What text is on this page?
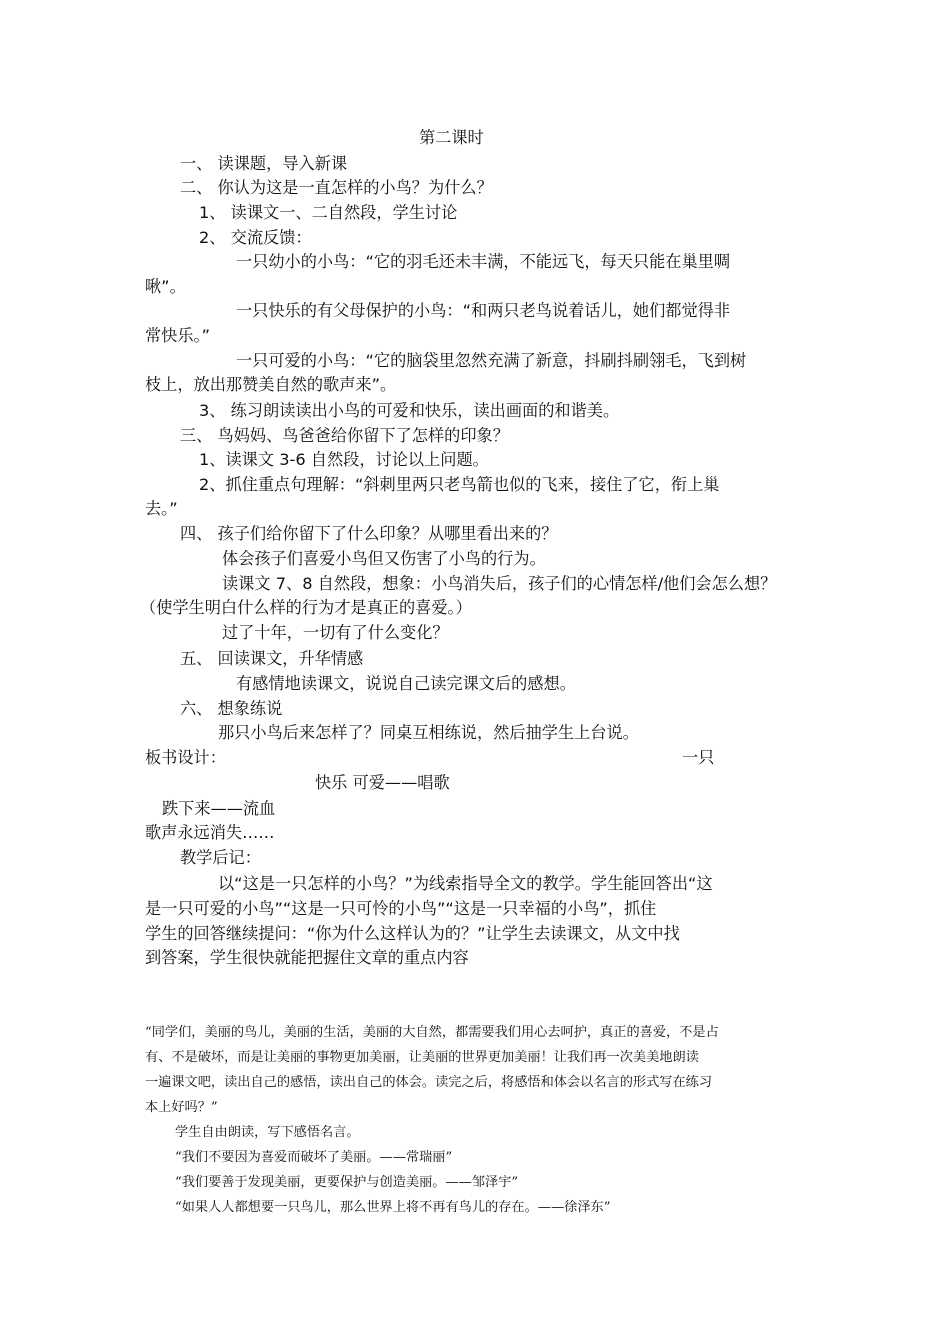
第二课时
一、 读课题，导入新课
二、 你认为这是一直怎样的小鸟？为什么？
1、 读课文一、二自然段，学生讨论
2、 交流反馈：
一只幼小的小鸟：“它的羽毛还未丰满，不能远飞，每天只能在巢里啁
啾”。
一只快乐的有父母保护的小鸟：“和两只老鸟说着话儿，她们都觉得非
常快乐。”
一只可爱的小鸟：“它的脑袋里忽然充满了新意，抖刷抖刷翎毛，飞到树
枝上，放出那赞美自然的歌声来”。
3、 练习朗读读出小鸟的可爱和快乐，读出画面的和谐美。
三、 鸟妈妈、鸟爸爸给你留下了怎样的印象？
1、读课文 3-6 自然段，讨论以上问题。
2、抓住重点句理解：“斜刺里两只老鸟箭也似的飞来，接住了它，衔上巢
去。”
四、 孩子们给你留下了什么印象？从哪里看出来的？
体会孩子们喜爱小鸟但又伤害了小鸟的行为。
读课文 7、8 自然段，想象：小鸟消失后，孩子们的心情怎样/他们会怎么想？
（使学生明白什么样的行为才是真正的喜爱。）
过了十年，一切有了什么变化？
五、 回读课文，升华情感
有感情地读课文，说说自己读完课文后的感想。
六、 想象练说
那只小鸟后来怎样了？同桌互相练说，然后抽学生上台说。
板书设计：	一只
快乐 可爱——唱歌
跌下来——流血
歌声永远消失……
教学后记：
以“这是一只怎样的小鸟？”为线索指导全文的教学。学生能回答出“这
是一只可爱的小鸟”“这是一只可怜的小鸟”“这是一只幸福的小鸟”，抓住
学生的回答继续提问：“你为什么这样认为的？”让学生去读课文，从文中找
到答案，学生很快就能把握住文章的重点内容
“同学们，美丽的鸟儿，美丽的生活，美丽的大自然，都需要我们用心去呵护，真正的喜爱，不是占
有、不是破坏，而是让美丽的事物更加美丽，让美丽的世界更加美丽！让我们再一次美美地朗读
一遍课文吧，读出自己的感悟，读出自己的体会。读完之后，将感悟和体会以名言的形式写在练习
本上好吗？”
学生自由朗读，写下感悟名言。
“我们不要因为喜爱而破坏了美丽。——常瑞丽”
“我们要善于发现美丽，更要保护与创造美丽。——邹泽宇”
“如果人人都想要一只鸟儿，那么世界上将不再有鸟儿的存在。——徐泽东”
